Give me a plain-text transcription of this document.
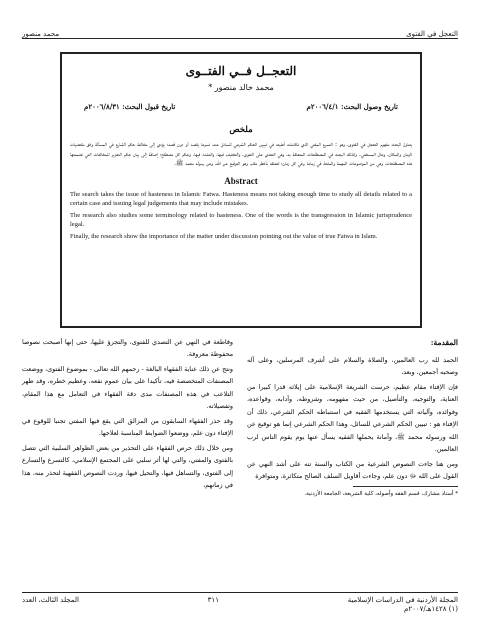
التعجل في الفتوى
محمد منصور
التعجــل فــي الفتــوى
محمد خالد منصور *
تاريخ وصول البحث: ٢٠٠٦/٤/١م
تاريخ قبول البحث: ٢٠٠٦/٨/٣١م
ملخص
يتناول البحث مفهوم التعجل في الفتوى، وهو : التسرع المفتي الذي تكاملت أهليته في تبيين الحكم الشرعي للسائل عنه، تسرعا يقصد أو دون قصد؛ يؤدي إلى مخالفة حكم الشارع في المسألة وفق مقتضيات الزمان والمكان، وحال المستفتي. وكذلك البحث في المصطلحات المتعلقة به، وهي التعدي على الفتوى، والتخفيف فيها، والتشدد فيها، وحكم كل مصطلح؛ إضافة إلى بيان حكم التعزير للمخالفات التي تضمنتها هذه المصطلحات، وهي من الموضوعات المهمة والملحة في زماننا وفي كل زمان؛ لتعلقه بأخطر مقام، وهو التوقيع عن الله، وعن رسوله محمد ﷺ.
Abstract

The search takes the issue of hasteness in Islamic Fatwa. Hasteness means not taking enough time to study all details related to a certain case and issuing legal judgements that may include mistakes.

The research also studies some terminology related to hasteness. One of the words is the transgression in Islamic jurisprudence legal.

Finally, the research show the importance of the matter under discussion pointing out the value of true Fatwa in Islam.

المقدمة:

الحمد لله رب العالمين، والصلاة والسلام على أشرف المرسلين، وعلى آله وصحبه أجمعين، وبعد،

فإن الإفتاء مقام عظيم، حرست الشريعة الإسلامية على إيلائه قدرا كبيرا من العناية، والتوجيه، والتأصيل، من حيث مفهومه، وشروطه، وآدابه، وقواعده، وفوائده، وآلياته التي يستخدمها الفقيه في استنباطه الحكم الشرعي، ذلك أن الإفتاء هو : تبيين الحكم الشرعي للسائل، وهذا الحكم الشرعي إنما هو توقيع عن الله ورسوله محمد ﷺ، وأمانة يحملها الفقيه يسأل عنها يوم يقوم الناس لرب العالمين.

ومن هنا جاءت النصوص الشرعية من الكتاب والسنة تنه على أشد النهي عن القول على الله ﷻ دون علم، وجاءت أقاويل السلف الصالح متكاثرة، ومتوافرة

* أستاذ مشارك، قسم الفقه وأصوله، كلية الشريعة، الجامعة الأردنية.

وقاطعة في النهي عن التصدي للفتوى، والتجرؤ عليها، حتى إنها أصبحت نصوصا محفوظة معروفة.

ونتج عن ذلك عناية الفقهاء البالغة - رحمهم الله تعالى - بموضوع الفتوى، ووضعت المصنفات المتخصصة فيه، تأكيدا على بيان عموم نفعه، وعظيم خطره، وقد ظهر التلاعب في هذه المصنفات مدى دقة الفقهاء في التعامل مع هذا المقام، وتفصيلاته.

وقد حذر الفقهاء السابقون من المزالق التي يقع فيها المفتي تجنبا للوقوع في الإفتاء دون علم، ووضعوا الضوابط المناسبة لعلاجها.

ومن خلال ذلك حرص الفقهاء على التحذير من بعض الظواهر السلبية التي تتصل بالفتوى والمفتي، والتي لها أثر سلبي على المجتمع الإسلامي، كالتسرع والتسارع إلى الفتوى، والتساهل فيها، والتحيل فيها، وردت النصوص الفقهية لتحذر منه، هذا في زمانهم،

المجلة الأردنية في الدراسات الإسلامية
(١) ١٤٢٨هـ/٢٠٠٧م
٣١١
المجلد الثالث، العدد
